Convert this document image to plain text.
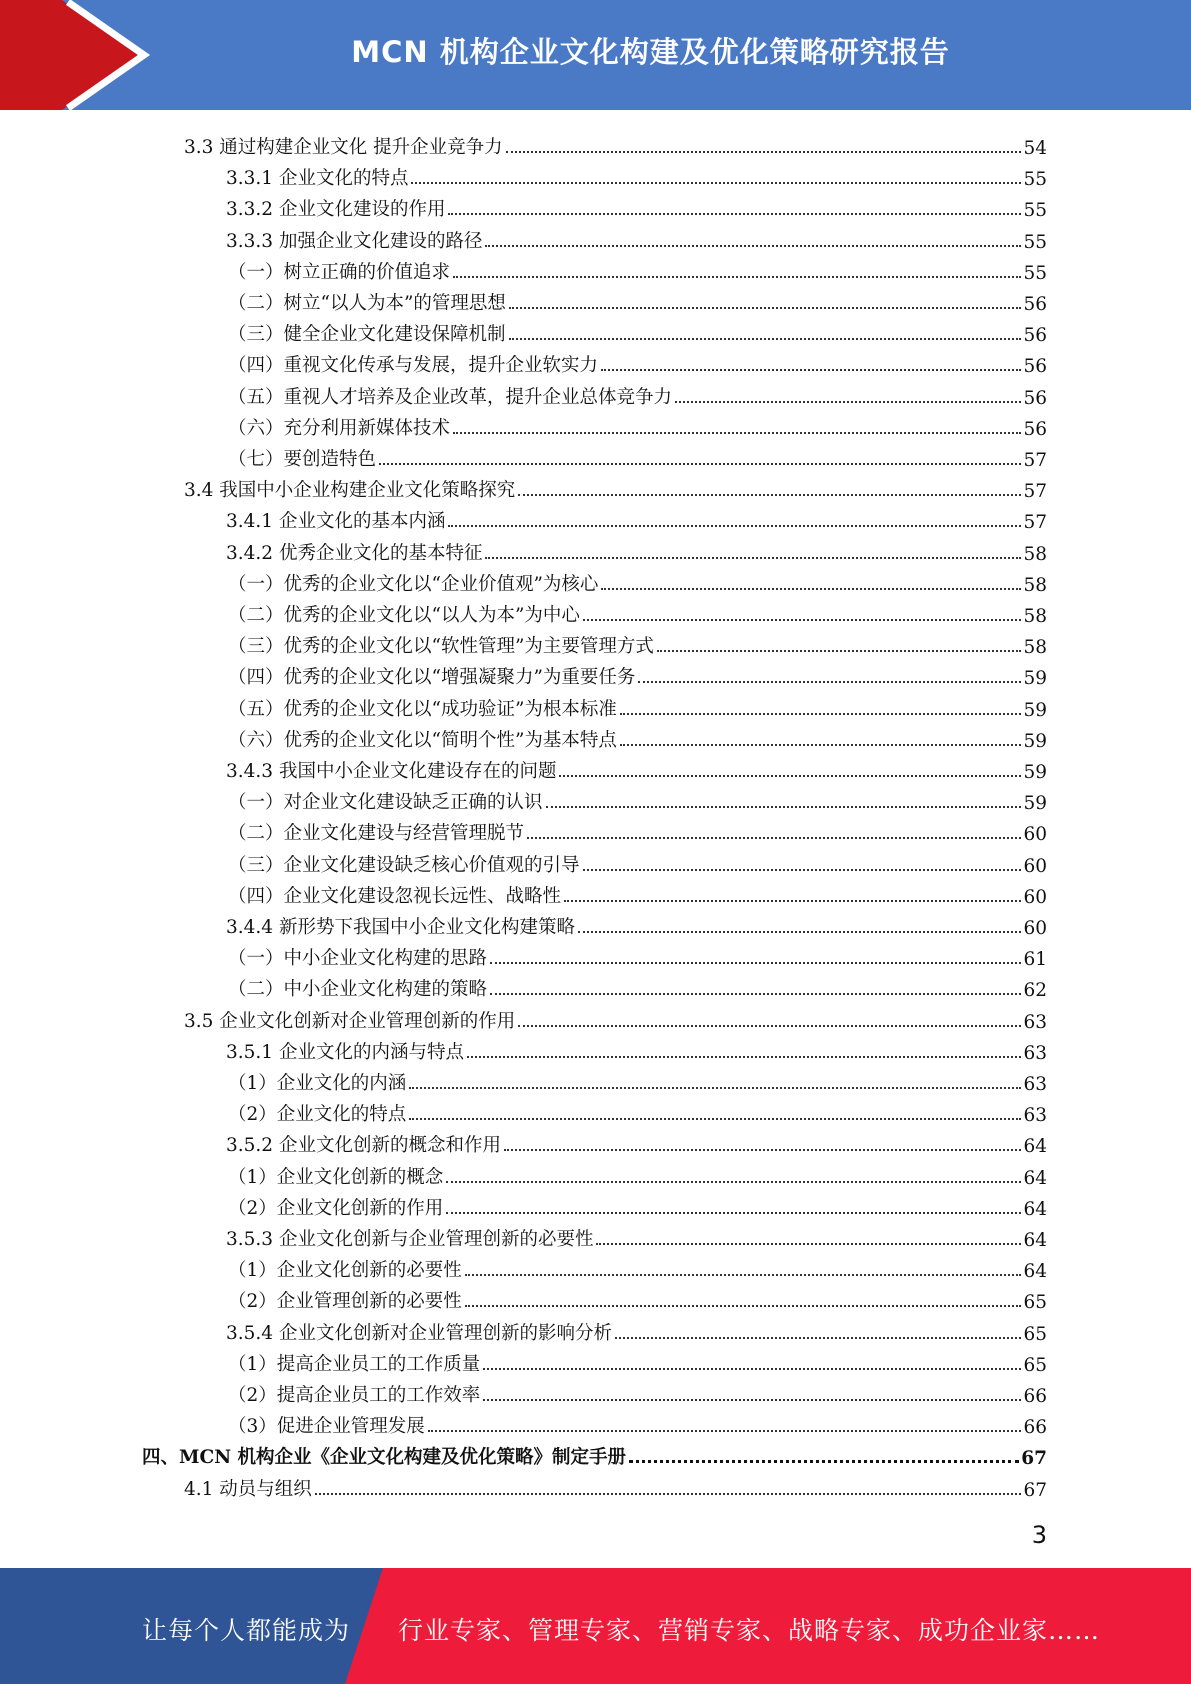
MCN 机构企业文化构建及优化策略研究报告
3.3 通过构建企业文化 提升企业竞争力	54
3.3.1 企业文化的特点	55
3.3.2 企业文化建设的作用	55
3.3.3 加强企业文化建设的路径	55
（一）树立正确的价值追求	55
（二）树立“以人为本”的管理思想	56
（三）健全企业文化建设保障机制	56
（四）重视文化传承与发展，提升企业软实力	56
（五）重视人才培养及企业改革，提升企业总体竞争力	56
（六）充分利用新媒体技术	56
（七）要创造特色	57
3.4 我国中小企业构建企业文化策略探究	57
3.4.1 企业文化的基本内涵	57
3.4.2 优秀企业文化的基本特征	58
（一）优秀的企业文化以“企业价值观”为核心	58
（二）优秀的企业文化以“以人为本”为中心	58
（三）优秀的企业文化以“软性管理”为主要管理方式	58
（四）优秀的企业文化以“增强凝聚力”为重要任务	59
（五）优秀的企业文化以“成功验证”为根本标准	59
（六）优秀的企业文化以“简明个性”为基本特点	59
3.4.3 我国中小企业文化建设存在的问题	59
（一）对企业文化建设缺乏正确的认识	59
（二）企业文化建设与经营管理脱节	60
（三）企业文化建设缺乏核心价值观的引导	60
（四）企业文化建设忽视长远性、战略性	60
3.4.4 新形势下我国中小企业文化构建策略	60
（一）中小企业文化构建的思路	61
（二）中小企业文化构建的策略	62
3.5 企业文化创新对企业管理创新的作用	63
3.5.1 企业文化的内涵与特点	63
（1）企业文化的内涵	63
（2）企业文化的特点	63
3.5.2 企业文化创新的概念和作用	64
（1）企业文化创新的概念	64
（2）企业文化创新的作用	64
3.5.3 企业文化创新与企业管理创新的必要性	64
（1）企业文化创新的必要性	64
（2）企业管理创新的必要性	65
3.5.4 企业文化创新对企业管理创新的影响分析	65
（1）提高企业员工的工作质量	65
（2）提高企业员工的工作效率	66
（3）促进企业管理发展	66
四、MCN 机构企业《企业文化构建及优化策略》制定手册	67
4.1 动员与组织	67
3
让每个人都能成为 行业专家、管理专家、营销专家、战略专家、成功企业家……
